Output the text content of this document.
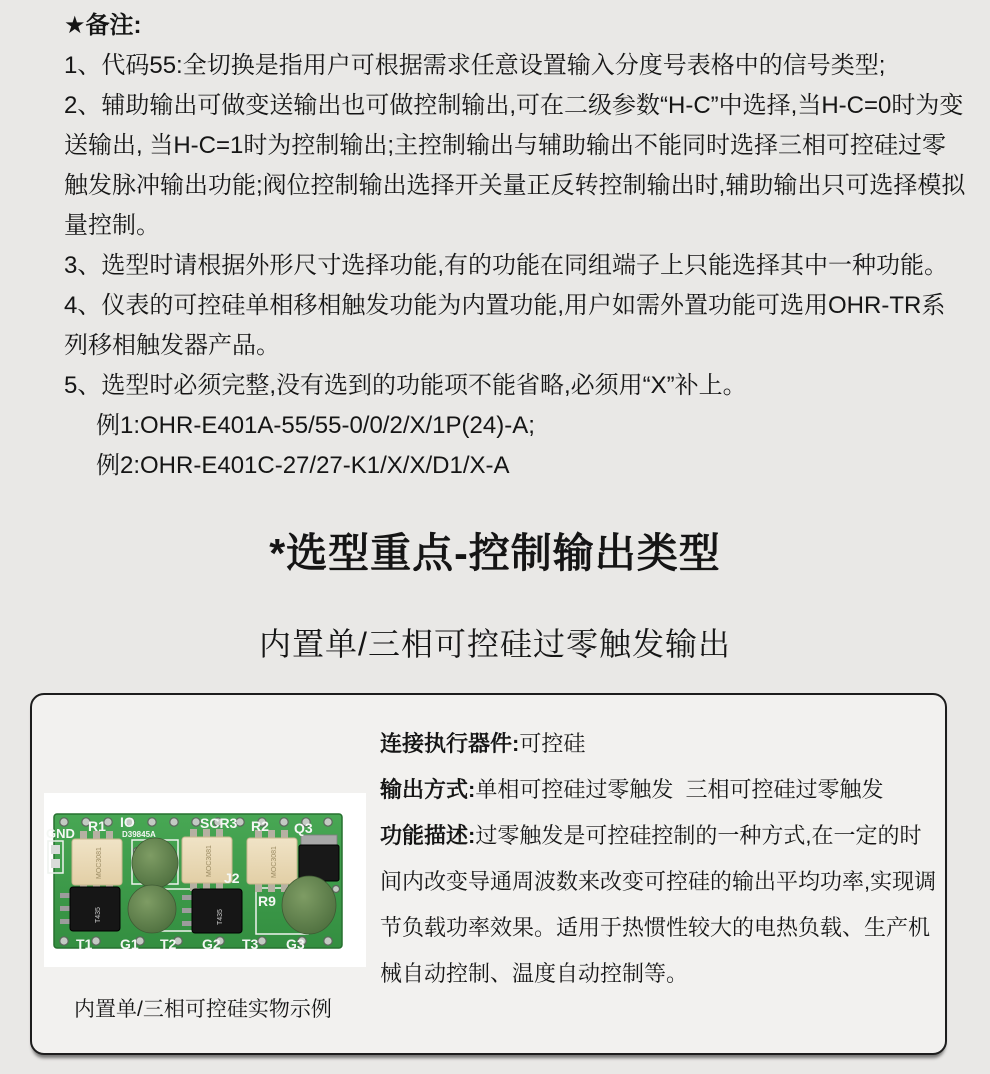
★备注:

1、代码55:全切换是指用户可根据需求任意设置输入分度号表格中的信号类型;

2、辅助输出可做变送输出也可做控制输出,可在二级参数“H-C”中选择,当H-C=0时为变送输出, 当H-C=1时为控制输出;主控制输出与辅助输出不能同时选择三相可控硅过零触发脉冲输出功能;阀位控制输出选择开关量正反转控制输出时,辅助输出只可选择模拟量控制。

3、选型时请根据外形尺寸选择功能,有的功能在同组端子上只能选择其中一种功能。

4、仪表的可控硅单相移相触发功能为内置功能,用户如需外置功能可选用OHR-TR系列移相触发器产品。

5、选型时必须完整,没有选到的功能项不能省略,必须用“X”补上。

例1:OHR-E401A-55/55-0/0/2/X/1P(24)-A;

例2:OHR-E401C-27/27-K1/X/X/D1/X-A

*选型重点-控制输出类型
内置单/三相可控硅过零触发输出
MOC3081	MOC3081	MOC3081
T435	T435
GND R1 IO
D39845A
SCR3 R2 Q3
J2
R9
T1 G1 T2 G2 T3 G3

内置单/三相可控硅实物示例

连接执行器件:可控硅

输出方式:单相可控硅过零触发  三相可控硅过零触发

功能描述:过零触发是可控硅控制的一种方式,在一定的时间内改变导通周波数来改变可控硅的输出平均功率,实现调节负载功率效果。适用于热惯性较大的电热负载、生产机械自动控制、温度自动控制等。
